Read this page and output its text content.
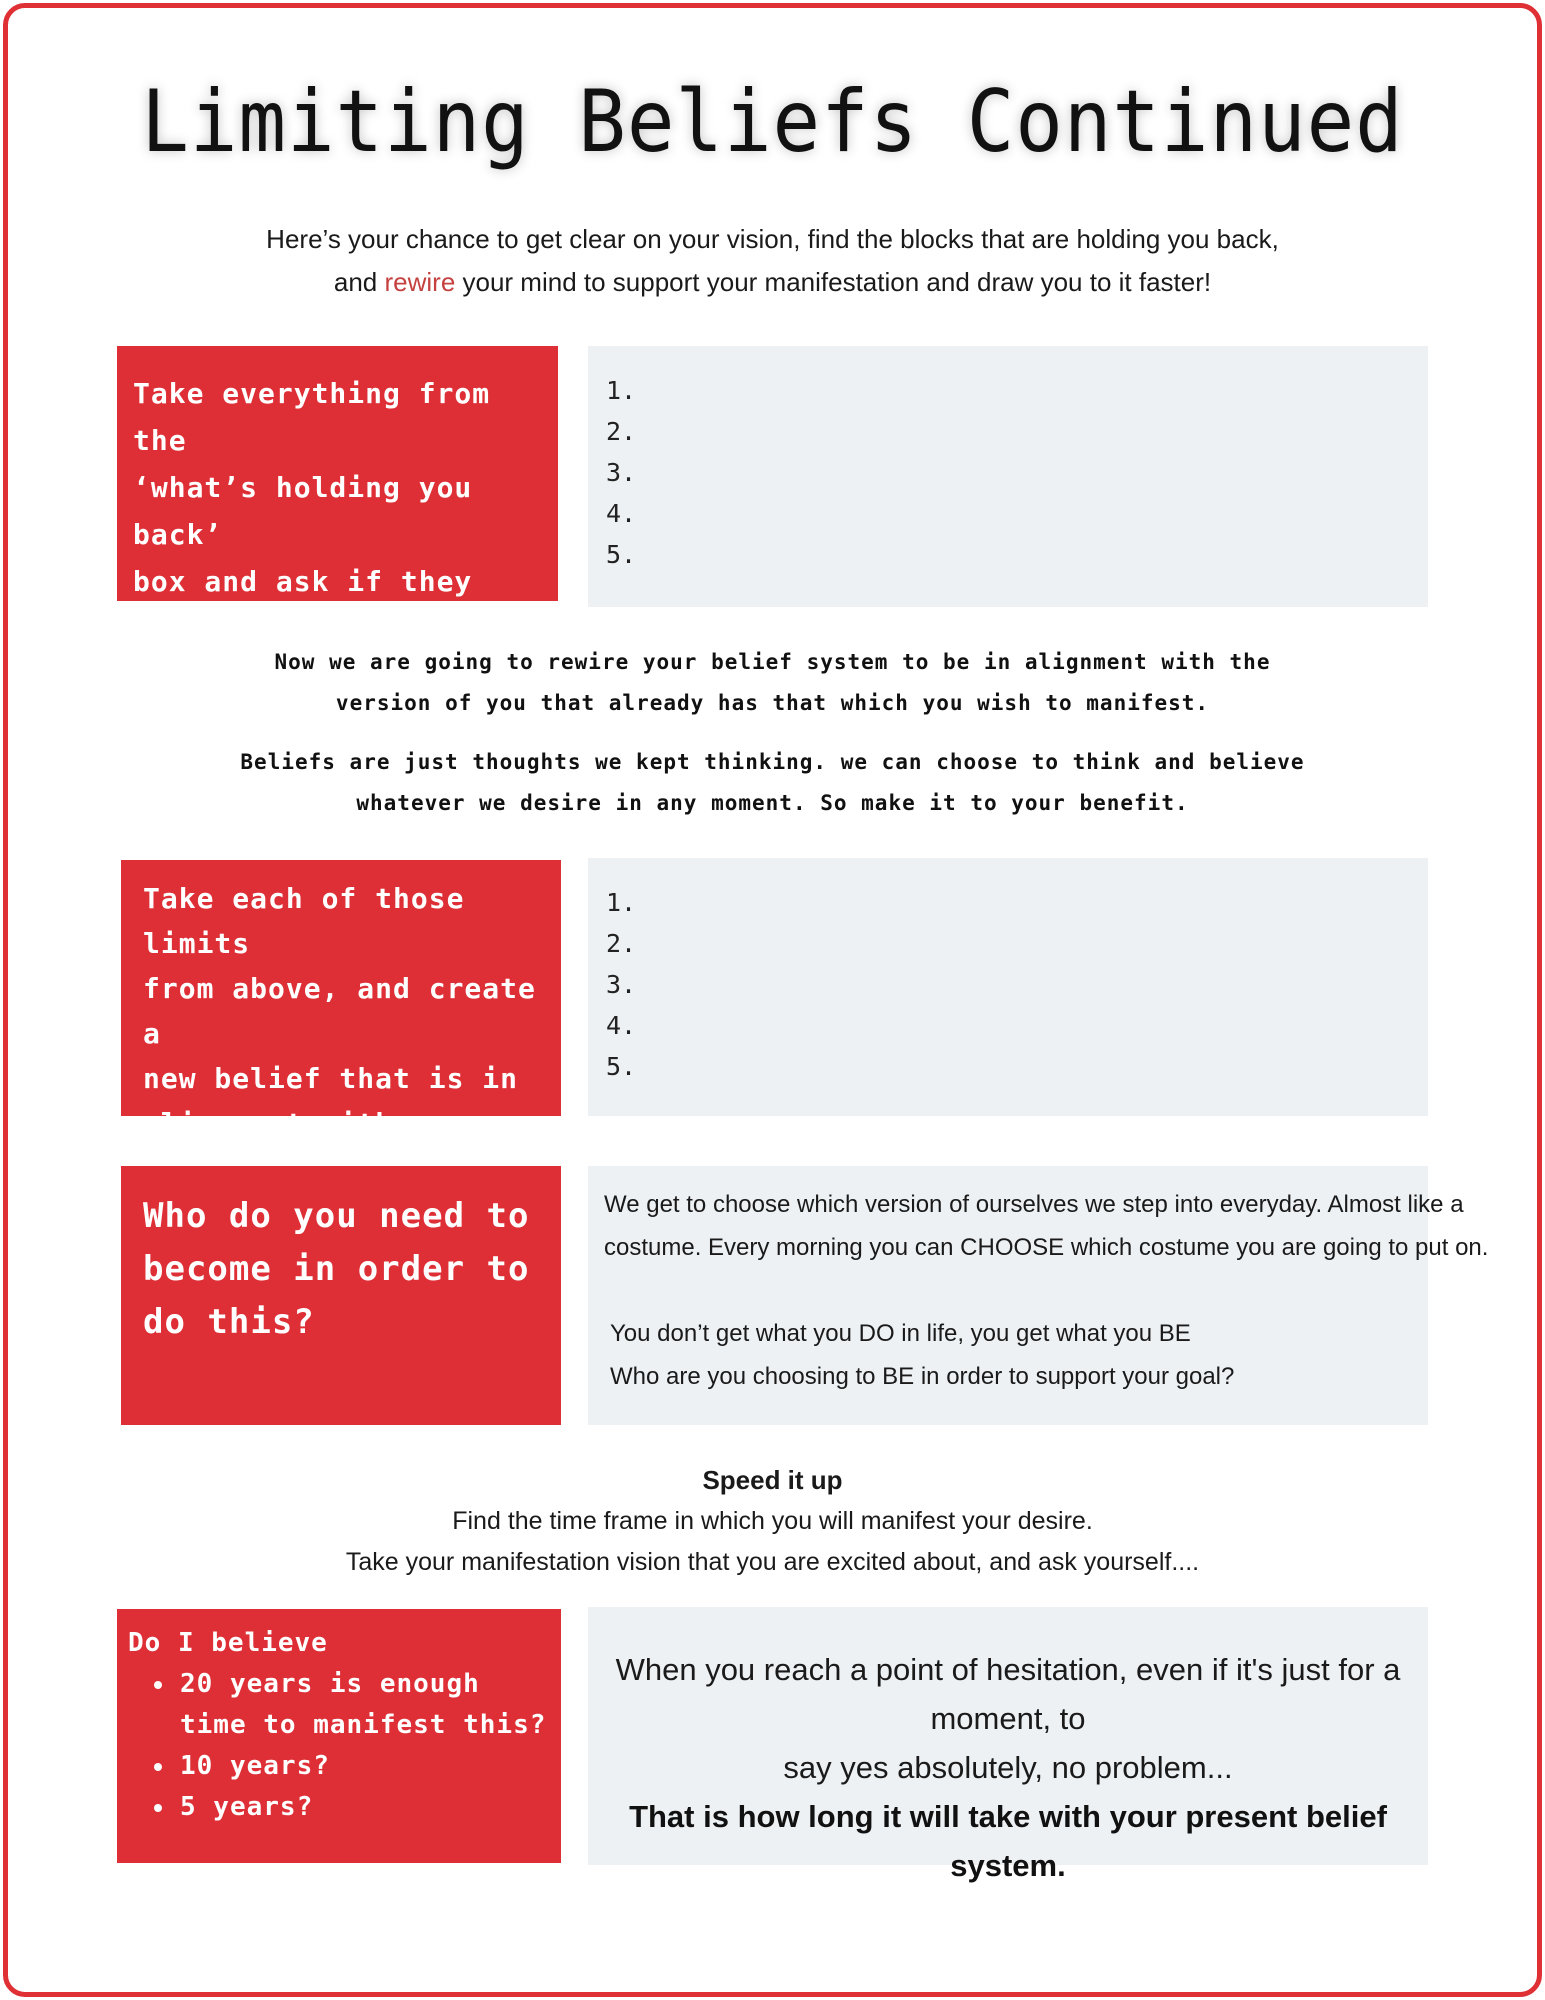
Limiting Beliefs Continued
Here’s your chance to get clear on your vision, find the blocks that are holding you back,
and rewire your mind to support your manifestation and draw you to it faster!
Take everything from the
‘what’s holding you back’
box and ask if they are
actually true.
1.
2.
3.
4.
5.
Now we are going to rewire your belief system to be in alignment with the
version of you that already has that which you wish to manifest.
Beliefs are just thoughts we kept thinking. we can choose to think and believe
whatever we desire in any moment. So make it to your benefit.
Take each of those limits
from above, and create a
new belief that is in
alignment with your
1.
2.
3.
4.
5.
Who do you need to
become in order to
do this?
We get to choose which version of ourselves we step into everyday. Almost like a
costume. Every morning you can CHOOSE which costume you are going to put on.
You don’t get what you DO in life, you get what you BE
Who are you choosing to BE in order to support your goal?
Speed it up
Find the time frame in which you will manifest your desire.
Take your manifestation vision that you are excited about, and ask yourself....
Do I believe
• 20 years is enough time to manifest this?
• 10 years?
• 5 years?
When you reach a point of hesitation, even if it's just for a moment, to
say yes absolutely, no problem...
That is how long it will take with your present belief system.
